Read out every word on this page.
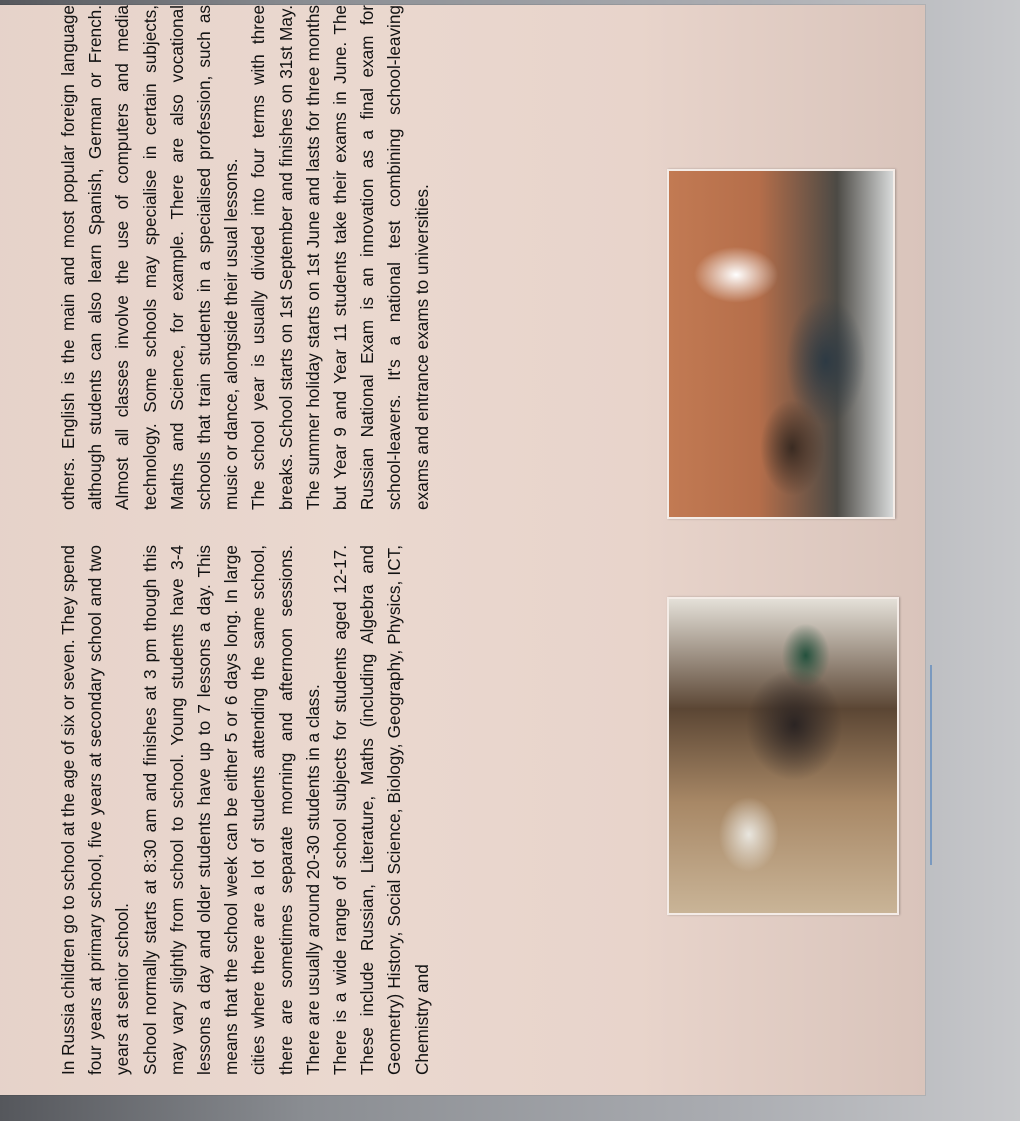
In Russia children go to school at the age of six or seven. They spend four years at primary school, five years at secondary school and two years at senior school. School normally starts at 8:30 am and finishes at 3 pm though this may vary slightly from school to school. Young students have 3-4 lessons a day and older students have up to 7 lessons a day. This means that the school week can be either 5 or 6 days long. In large cities where there are a lot of students attending the same school, there are sometimes separate morning and afternoon sessions. There are usually around 20-30 students in a class. There is a wide range of school subjects for students aged 12-17. These include Russian, Literature, Maths (including Algebra and Geometry) History, Social Science, Biology, Geography, Physics, ICT, Chemistry and

others. English is the main and most popular foreign language although students can also learn Spanish, German or French. Almost all classes involve the use of computers and media technology. Some schools may specialise in certain subjects, Maths and Science, for example. There are also vocational schools that train students in a specialised profession, such as music or dance, alongside their usual lessons. The school year is usually divided into four terms with three breaks. School starts on 1st September and finishes on 31st May. The summer holiday starts on 1st June and lasts for three months but Year 9 and Year 11 students take their exams in June. The Russian National Exam is an innovation as a final exam for school-leavers. It's a national test combining school-leaving exams and entrance exams to universities.
